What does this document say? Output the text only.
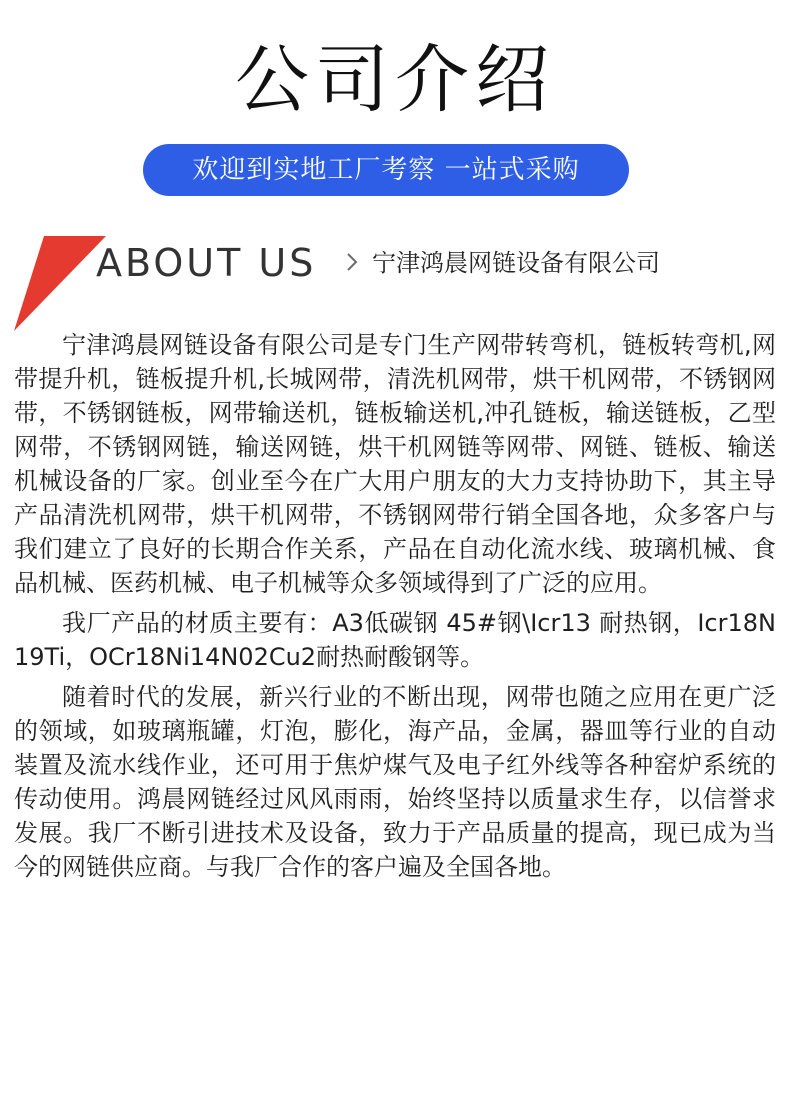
公司介绍
欢迎到实地工厂考察 一站式采购
ABOUT US 宁津鸿晨网链设备有限公司

宁津鸿晨网链设备有限公司是专门生产网带转弯机，链板转弯机,网带提升机，链板提升机,长城网带，清洗机网带，烘干机网带，不锈钢网带，不锈钢链板，网带输送机，链板输送机,冲孔链板，输送链板，乙型网带，不锈钢网链，输送网链，烘干机网链等网带、网链、链板、输送机械设备的厂家。创业至今在广大用户朋友的大力支持协助下，其主导产品清洗机网带，烘干机网带，不锈钢网带行销全国各地，众多客户与我们建立了良好的长期合作关系，产品在自动化流水线、玻璃机械、食品机械、医药机械、电子机械等众多领域得到了广泛的应用。

我厂产品的材质主要有：A3低碳钢 45#钢\Icr13 耐热钢，Icr18N19Ti，OCr18Ni14N02Cu2耐热耐酸钢等。

随着时代的发展，新兴行业的不断出现，网带也随之应用在更广泛的领域，如玻璃瓶罐，灯泡，膨化，海产品，金属，器皿等行业的自动装置及流水线作业，还可用于焦炉煤气及电子红外线等各种窑炉系统的传动使用。鸿晨网链经过风风雨雨，始终坚持以质量求生存，以信誉求发展。我厂不断引进技术及设备，致力于产品质量的提高，现已成为当今的网链供应商。与我厂合作的客户遍及全国各地。
